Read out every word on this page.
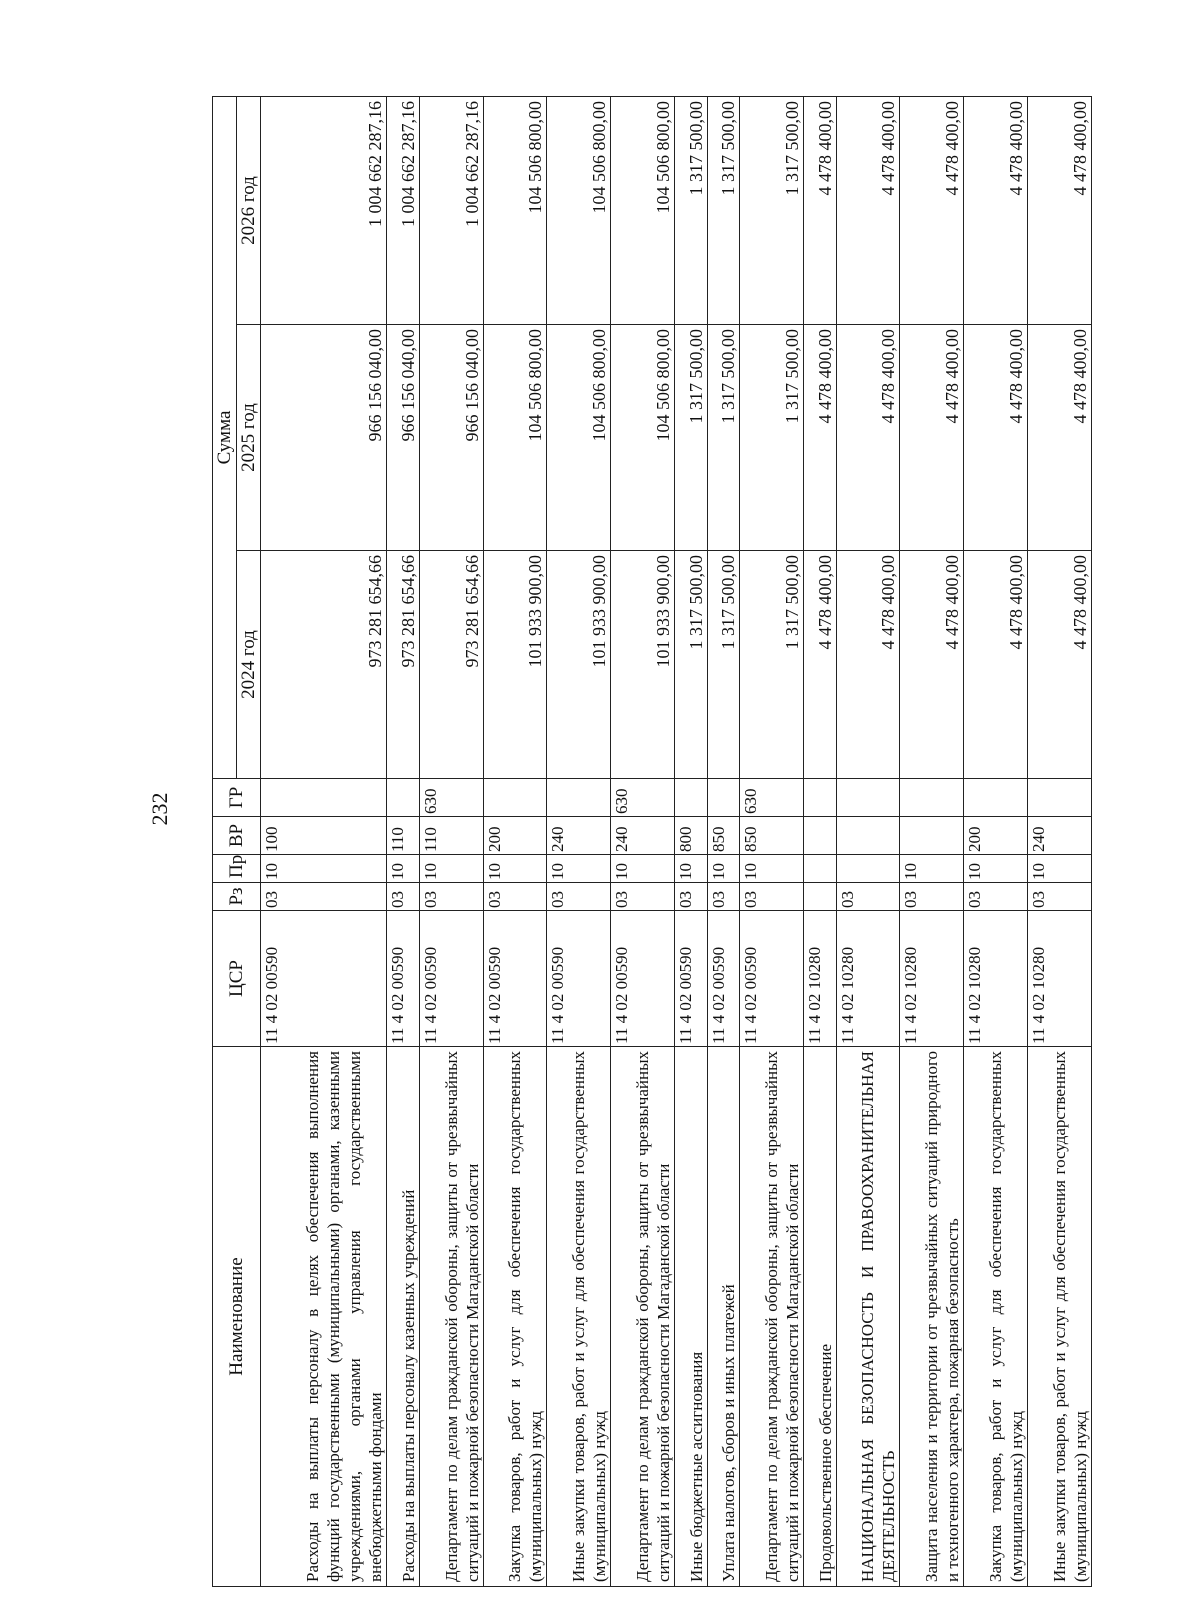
232
Наименование	ЦСР	Рз	Пр	ВР	ГР	Сумма		
						2024 год	2025 год	2026 год
Расходы на выплаты персоналу в целях обеспечения выполнения функций государственными (муниципальными) органами, казенными учреждениями, органами управления государственными внебюджетными фондами	11 4 02 00590	03	10	100		973 281 654,66	966 156 040,00	1 004 662 287,16
Расходы на выплаты персоналу казенных учреждений	11 4 02 00590	03	10	110		973 281 654,66	966 156 040,00	1 004 662 287,16
Департамент по делам гражданской обороны, защиты от чрезвычайных ситуаций и пожарной безопасности Магаданской области	11 4 02 00590	03	10	110	630	973 281 654,66	966 156 040,00	1 004 662 287,16
Закупка товаров, работ и услуг для обеспечения государственных (муниципальных) нужд	11 4 02 00590	03	10	200		101 933 900,00	104 506 800,00	104 506 800,00
Иные закупки товаров, работ и услуг для обеспечения государственных (муниципальных) нужд	11 4 02 00590	03	10	240		101 933 900,00	104 506 800,00	104 506 800,00
Департамент по делам гражданской обороны, защиты от чрезвычайных ситуаций и пожарной безопасности Магаданской области	11 4 02 00590	03	10	240	630	101 933 900,00	104 506 800,00	104 506 800,00
Иные бюджетные ассигнования	11 4 02 00590	03	10	800		1 317 500,00	1 317 500,00	1 317 500,00
Уплата налогов, сборов и иных платежей	11 4 02 00590	03	10	850		1 317 500,00	1 317 500,00	1 317 500,00
Департамент по делам гражданской обороны, защиты от чрезвычайных ситуаций и пожарной безопасности Магаданской области	11 4 02 00590	03	10	850	630	1 317 500,00	1 317 500,00	1 317 500,00
Продовольственное обеспечение	11 4 02 10280					4 478 400,00	4 478 400,00	4 478 400,00
НАЦИОНАЛЬНАЯ БЕЗОПАСНОСТЬ И ПРАВООХРАНИТЕЛЬНАЯ ДЕЯТЕЛЬНОСТЬ	11 4 02 10280	03				4 478 400,00	4 478 400,00	4 478 400,00
Защита населения и территории от чрезвычайных ситуаций природного и техногенного характера, пожарная безопасность	11 4 02 10280	03	10			4 478 400,00	4 478 400,00	4 478 400,00
Закупка товаров, работ и услуг для обеспечения государственных (муниципальных) нужд	11 4 02 10280	03	10	200		4 478 400,00	4 478 400,00	4 478 400,00
Иные закупки товаров, работ и услуг для обеспечения государственных (муниципальных) нужд	11 4 02 10280	03	10	240		4 478 400,00	4 478 400,00	4 478 400,00
